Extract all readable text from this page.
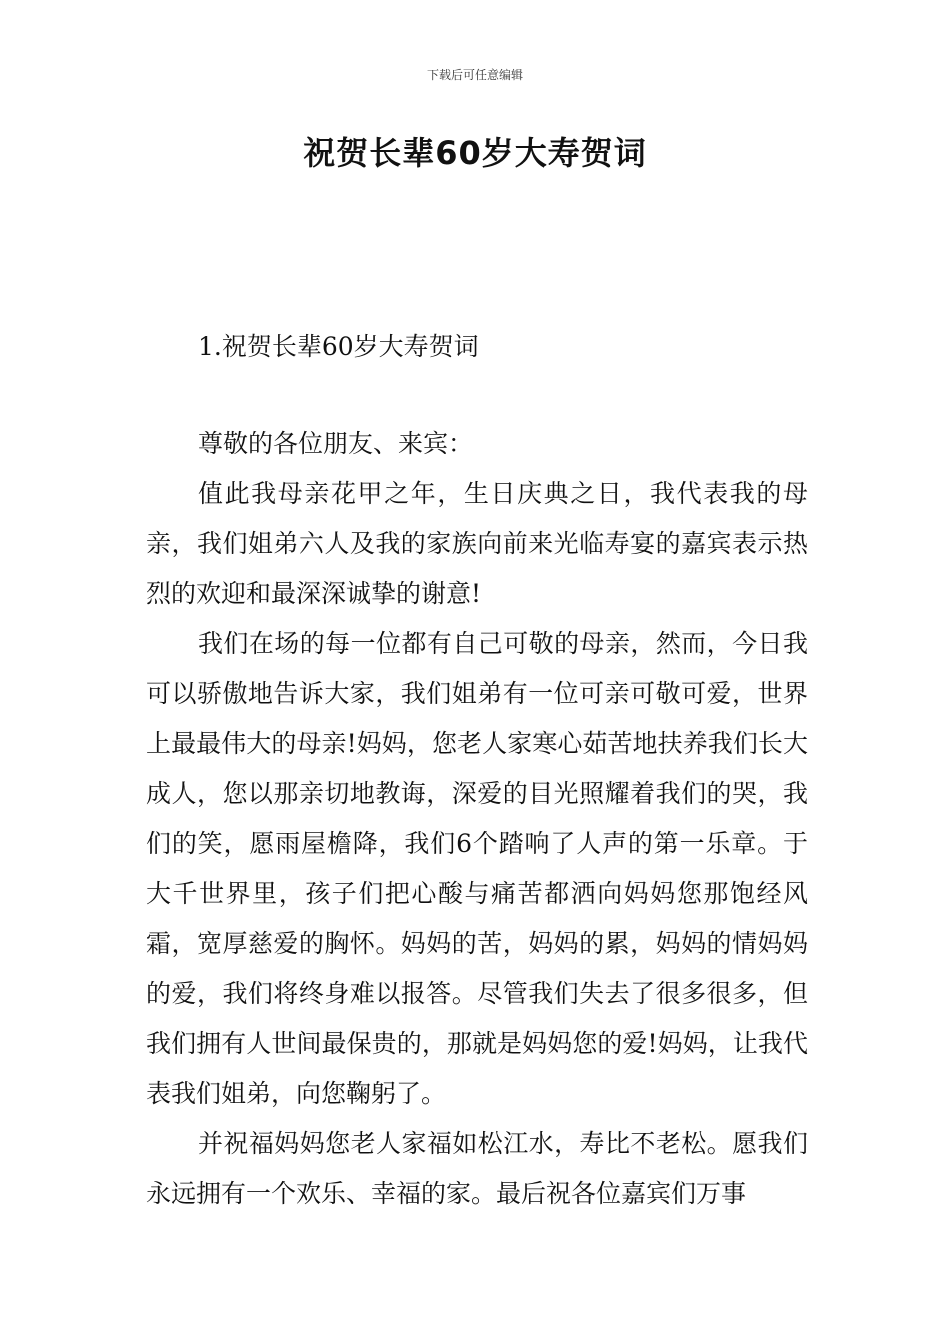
下载后可任意编辑
祝贺长辈60岁大寿贺词
1.祝贺长辈60岁大寿贺词

尊敬的各位朋友、来宾：

值此我母亲花甲之年，生日庆典之日，我代表我的母亲，我们姐弟六人及我的家族向前来光临寿宴的嘉宾表示热烈的欢迎和最深深诚挚的谢意!

我们在场的每一位都有自己可敬的母亲，然而，今日我可以骄傲地告诉大家，我们姐弟有一位可亲可敬可爱，世界上最最伟大的母亲!妈妈，您老人家寒心茹苦地扶养我们长大成人，您以那亲切地教诲，深爱的目光照耀着我们的哭，我们的笑，愿雨屋檐降，我们6个踏响了人声的第一乐章。于大千世界里，孩子们把心酸与痛苦都洒向妈妈您那饱经风霜，宽厚慈爱的胸怀。妈妈的苦，妈妈的累，妈妈的情妈妈的爱，我们将终身难以报答。尽管我们失去了很多很多，但我们拥有人世间最保贵的，那就是妈妈您的爱!妈妈，让我代表我们姐弟，向您鞠躬了。

并祝福妈妈您老人家福如松江水，寿比不老松。愿我们永远拥有一个欢乐、幸福的家。最后祝各位嘉宾们万事
